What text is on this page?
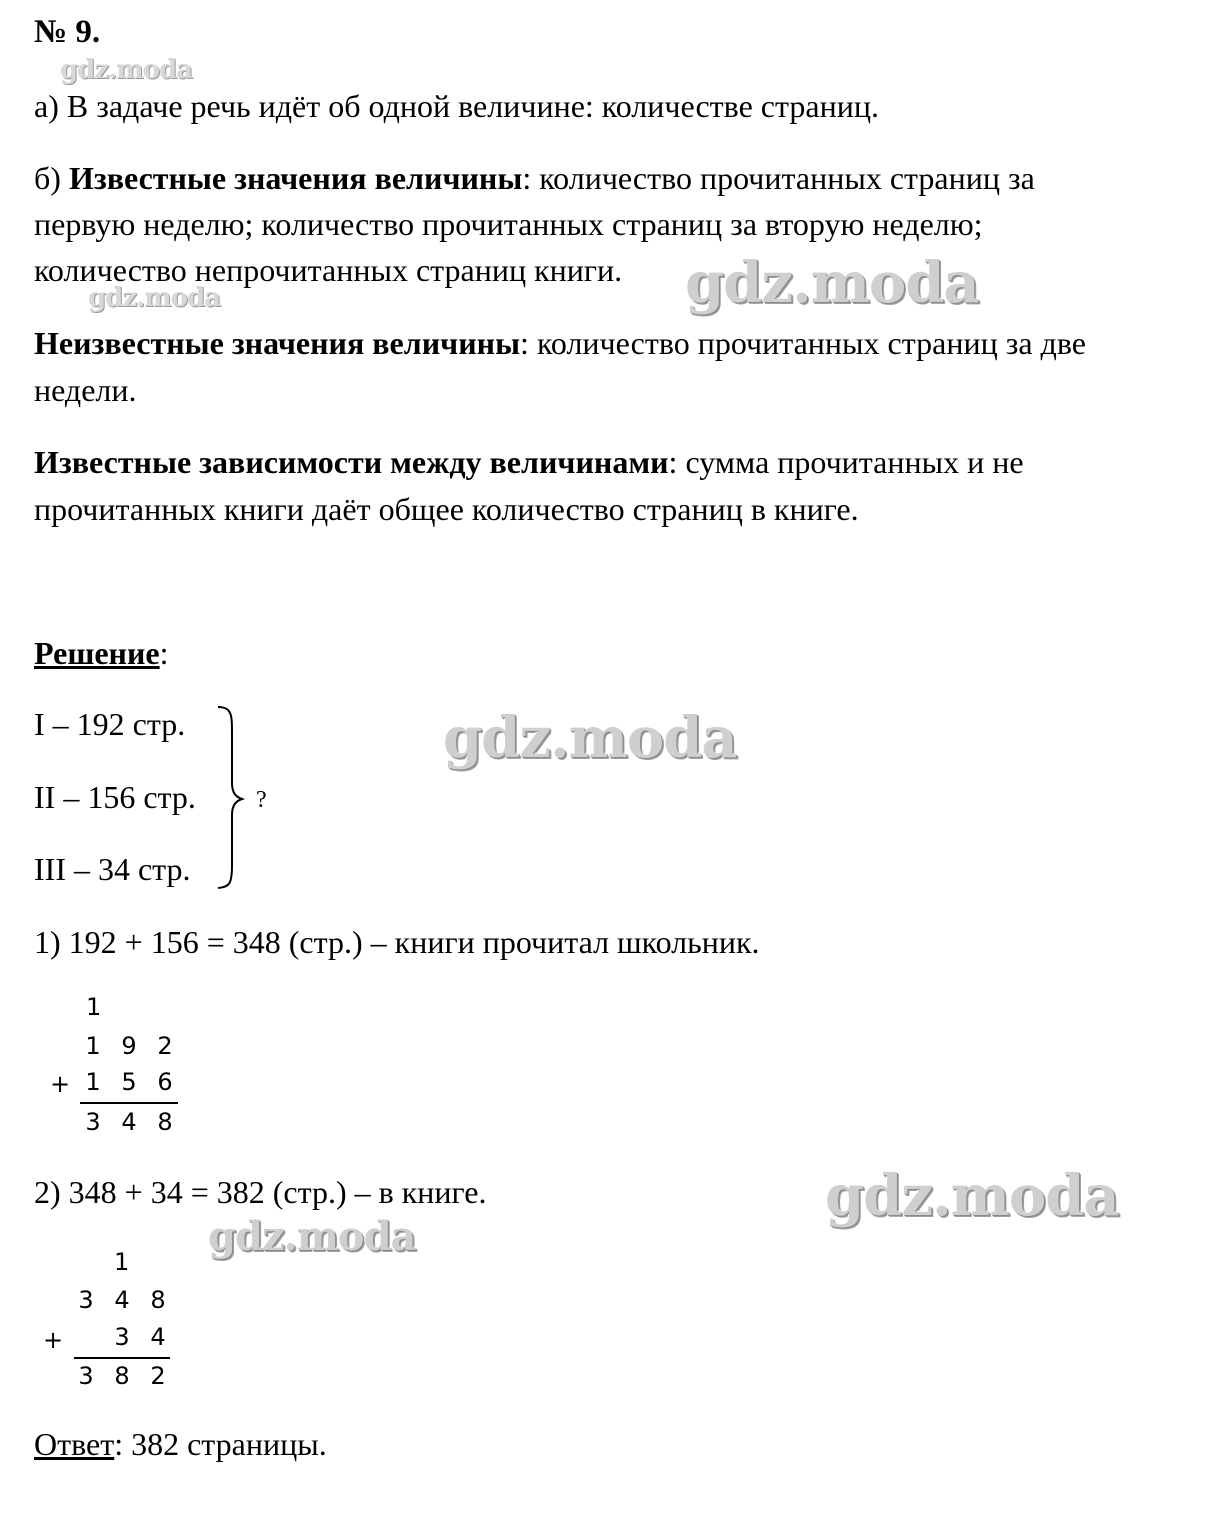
№ 9.
gdz.moda
gdz.moda
gdz.moda
gdz.moda
gdz.moda
gdz.moda
а) В задаче речь идёт об одной величине: количестве страниц.
б) Известные значения величины: количество прочитанных страниц за
первую неделю; количество прочитанных страниц за вторую неделю;
количество непрочитанных страниц книги.
Неизвестные значения величины: количество прочитанных страниц за две
недели.
Известные зависимости между величинами: сумма прочитанных и не
прочитанных книги даёт общее количество страниц в книге.
Решение:
I – 192 стр.
II – 156 стр.
III – 34 стр.
?
1) 192 + 156 = 348 (стр.) – книги прочитал школьник.
1
1 9 2
+ 1 5 6
3 4 8
2) 348 + 34 = 382 (стр.) – в книге.
1
3 4 8
+	3 4
3 8 2
Ответ: 382 страницы.
